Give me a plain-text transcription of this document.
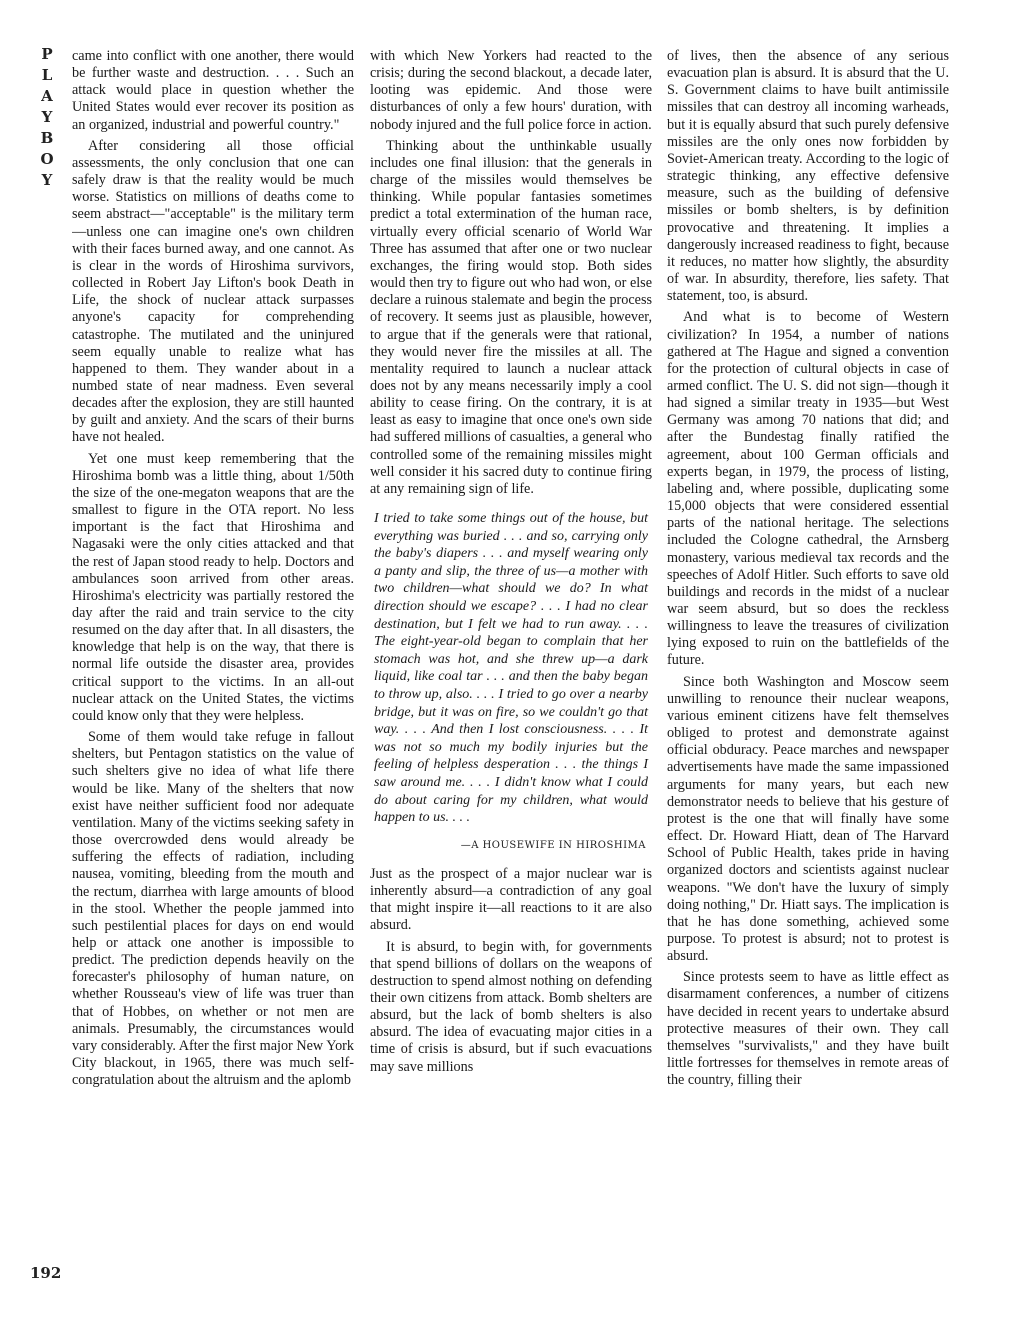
P
L
A
Y
B
O
Y

came into conflict with one another, there would be further waste and destruction. . . . Such an attack would place in question whether the United States would ever recover its position as an organized, industrial and powerful country."

After considering all those official assessments, the only conclusion that one can safely draw is that the reality would be much worse. Statistics on millions of deaths come to seem abstract—"acceptable" is the military term—unless one can imagine one's own children with their faces burned away, and one cannot. As is clear in the words of Hiroshima survivors, collected in Robert Jay Lifton's book Death in Life, the shock of nuclear attack surpasses anyone's capacity for comprehending catastrophe. The mutilated and the uninjured seem equally unable to realize what has happened to them. They wander about in a numbed state of near madness. Even several decades after the explosion, they are still haunted by guilt and anxiety. And the scars of their burns have not healed.

Yet one must keep remembering that the Hiroshima bomb was a little thing, about 1/50th the size of the one-megaton weapons that are the smallest to figure in the OTA report. No less important is the fact that Hiroshima and Nagasaki were the only cities attacked and that the rest of Japan stood ready to help. Doctors and ambulances soon arrived from other areas. Hiroshima's electricity was partially restored the day after the raid and train service to the city resumed on the day after that. In all disasters, the knowledge that help is on the way, that there is normal life outside the disaster area, provides critical support to the victims. In an all-out nuclear attack on the United States, the victims could know only that they were helpless.

Some of them would take refuge in fallout shelters, but Pentagon statistics on the value of such shelters give no idea of what life there would be like. Many of the shelters that now exist have neither sufficient food nor adequate ventilation. Many of the victims seeking safety in those overcrowded dens would already be suffering the effects of radiation, including nausea, vomiting, bleeding from the mouth and the rectum, diarrhea with large amounts of blood in the stool. Whether the people jammed into such pestilential places for days on end would help or attack one another is impossible to predict. The prediction depends heavily on the forecaster's philosophy of human nature, on whether Rousseau's view of life was truer than that of Hobbes, on whether or not men are animals. Presumably, the circumstances would vary considerably. After the first major New York City blackout, in 1965, there was much self-congratulation about the altruism and the aplomb

with which New Yorkers had reacted to the crisis; during the second blackout, a decade later, looting was epidemic. And those were disturbances of only a few hours' duration, with nobody injured and the full police force in action.

Thinking about the unthinkable usually includes one final illusion: that the generals in charge of the missiles would themselves be thinking. While popular fantasies sometimes predict a total extermination of the human race, virtually every official scenario of World War Three has assumed that after one or two nuclear exchanges, the firing would stop. Both sides would then try to figure out who had won, or else declare a ruinous stalemate and begin the process of recovery. It seems just as plausible, however, to argue that if the generals were that rational, they would never fire the missiles at all. The mentality required to launch a nuclear attack does not by any means necessarily imply a cool ability to cease firing. On the contrary, it is at least as easy to imagine that once one's own side had suffered millions of casualties, a general who controlled some of the remaining missiles might well consider it his sacred duty to continue firing at any remaining sign of life.

I tried to take some things out of the house, but everything was buried . . . and so, carrying only the baby's diapers . . . and myself wearing only a panty and slip, the three of us—a mother with two children—what should we do? In what direction should we escape? . . . I had no clear destination, but I felt we had to run away. . . . The eight-year-old began to complain that her stomach was hot, and she threw up—a dark liquid, like coal tar . . . and then the baby began to throw up, also. . . . I tried to go over a nearby bridge, but it was on fire, so we couldn't go that way. . . . And then I lost consciousness. . . . It was not so much my bodily injuries but the feeling of helpless desperation . . . the things I saw around me. . . . I didn't know what I could do about caring for my children, what would happen to us. . . .

—A HOUSEWIFE IN HIROSHIMA

Just as the prospect of a major nuclear war is inherently absurd—a contradiction of any goal that might inspire it—all reactions to it are also absurd.

It is absurd, to begin with, for governments that spend billions of dollars on the weapons of destruction to spend almost nothing on defending their own citizens from attack. Bomb shelters are absurd, but the lack of bomb shelters is also absurd. The idea of evacuating major cities in a time of crisis is absurd, but if such evacuations may save millions

of lives, then the absence of any serious evacuation plan is absurd. It is absurd that the U. S. Government claims to have built antimissile missiles that can destroy all incoming warheads, but it is equally absurd that such purely defensive missiles are the only ones now forbidden by Soviet-American treaty. According to the logic of strategic thinking, any effective defensive measure, such as the building of defensive missiles or bomb shelters, is by definition provocative and threatening. It implies a dangerously increased readiness to fight, because it reduces, no matter how slightly, the absurdity of war. In absurdity, therefore, lies safety. That statement, too, is absurd.

And what is to become of Western civilization? In 1954, a number of nations gathered at The Hague and signed a convention for the protection of cultural objects in case of armed conflict. The U. S. did not sign—though it had signed a similar treaty in 1935—but West Germany was among 70 nations that did; and after the Bundestag finally ratified the agreement, about 100 German officials and experts began, in 1979, the process of listing, labeling and, where possible, duplicating some 15,000 objects that were considered essential parts of the national heritage. The selections included the Cologne cathedral, the Arnsberg monastery, various medieval tax records and the speeches of Adolf Hitler. Such efforts to save old buildings and records in the midst of a nuclear war seem absurd, but so does the reckless willingness to leave the treasures of civilization lying exposed to ruin on the battlefields of the future.

Since both Washington and Moscow seem unwilling to renounce their nuclear weapons, various eminent citizens have felt themselves obliged to protest and demonstrate against official obduracy. Peace marches and newspaper advertisements have made the same impassioned arguments for many years, but each new demonstrator needs to believe that his gesture of protest is the one that will finally have some effect. Dr. Howard Hiatt, dean of The Harvard School of Public Health, takes pride in having organized doctors and scientists against nuclear weapons. "We don't have the luxury of simply doing nothing," Dr. Hiatt says. The implication is that he has done something, achieved some purpose. To protest is absurd; not to protest is absurd.

Since protests seem to have as little effect as disarmament conferences, a number of citizens have decided in recent years to undertake absurd protective measures of their own. They call themselves "survivalists," and they have built little fortresses for themselves in remote areas of the country, filling their

192
